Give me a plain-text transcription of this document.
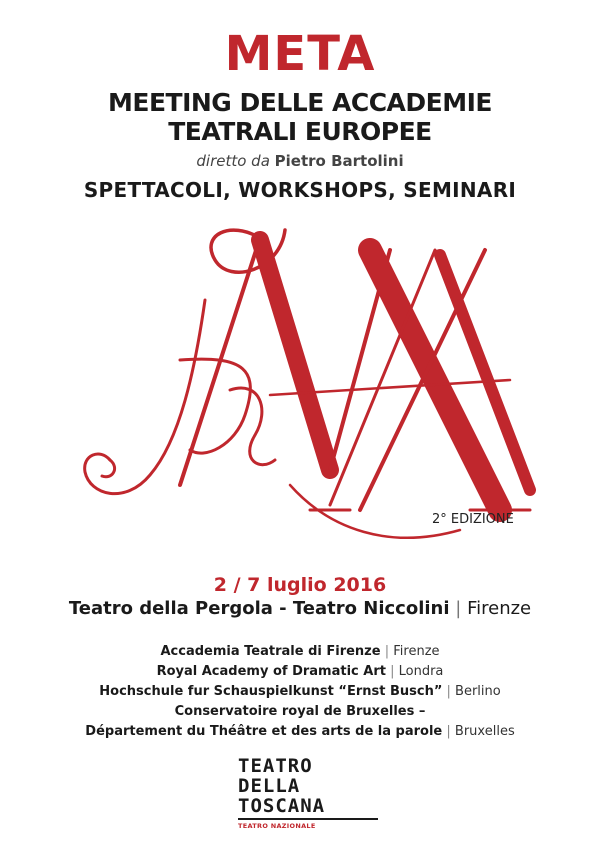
META
MEETING DELLE ACCADEMIE
TEATRALI EUROPEE
diretto da Pietro Bartolini
SPETTACOLI, WORKSHOPS, SEMINARI
2° EDIZIONE
2 / 7 luglio 2016
Teatro della Pergola - Teatro Niccolini | Firenze
Accademia Teatrale di Firenze | Firenze
Royal Academy of Dramatic Art | Londra
Hochschule fur Schauspielkunst “Ernst Busch” | Berlino
Conservatoire royal de Bruxelles –
Département du Théâtre et des arts de la parole | Bruxelles
TEATRO
DELLA
TOSCANA
TEATRO NAZIONALE
